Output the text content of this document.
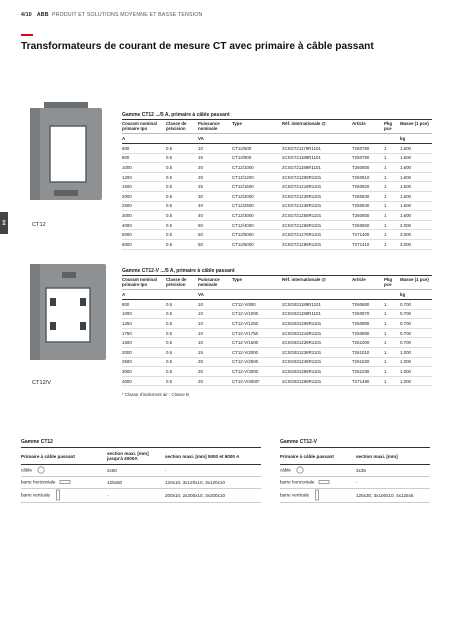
4/10 ABB PRODUIT ET SOLUTIONS MOYENNE ET BASSE TENSION
Transformateurs de courant de mesure CT avec primaire à câble passant
04	CT12
CT12/V
Gamme CT12 .../5 A, primaire à câble passant
Courant nominal primaire Ipn	Classe de précision	Puissance nominale	Type	Réf. internationale @	Article	Pkg pce	Masse (1 pce)
A		VA					kg
600	0.5	10	CT12/600	2CSG721178R1101	T260780	1	1.600
800	0.5	15	CT12/800	2CSG721188R1101	T260790	1	1.600
1000	0.5	20	CT12/1000	2CSG721198R1101	T260800	1	1.600
1200	0.5	20	CT12/1200	2CSG721208R1101	T260810	1	1.600
1500	0.5	25	CT12/1500	2CSG721218R1101	T260820	1	1.600
2000	0.5	30	CT12/2000	2CSG721228R1101	T260830	1	1.600
2500	0.5	40	CT12/2500	2CSG721238R1101	T260840	1	1.600
3000	0.5	40	CT12/3000	2CSG721258R1101	T260850	1	1.600
4000	0.5	50	CT12/4000	2CSG721268R1101	T260860	1	2.000
5000	0.5	50	CT12/5000	2CSG721278R1101	T271400	1	3.000
6000	0.5	50	CT12/6000	2CSG721288R1101	T271410	1	3.000
Gamme CT12-V .../5 A, primaire à câble passant
Courant nominal primaire Ipn	Classe de précision	Puissance nominale	Type	Réf. internationale @	Article	Pkg pce	Masse (1 pce)
A		VA					kg
800	0.5	10	CT12-V/800	2CSG831188R1101	T260880	1	0.700
1000	0.5	10	CT12-V/1000	2CSG831198R1101	T260870	1	0.700
1250	0.5	10	CT12-V/1250	2CSG831208R1101	T260880	1	0.700
1750	0.5	10	CT12-V/1750	2CSG831218R1101	T260890	1	0.700
1500	0.5	10	CT12-V/1500	2CSG831228R1101	T261000	1	0.700
2000	0.5	15	CT12-V/2000	2CSG831238R1101	T261010	1	1.000
2500	0.5	20	CT12-V/2500	2CSG831248R1101	T261020	1	1.000
3000	0.5	20	CT12-V/3000	2CSG831258R1101	T261030	1	1.000
4000	0.5	20	CT12-V/4000*	2CSG831268R1101	T271480	1	1.000
* Classe d'isolement air : Classe B
Gamme CT12
Primaire à câble passant	section maxi. [mm] jusqu'à 4000A	section maxi. [mm] 5000 et 6000 A
câble	2x50	-
barre horizontale	125x50	120x10, 3x120x10, 3x120x10
barre verticale	-	200x10, 2x200x10, 3x200x10
Gamme CT12-V
Primaire à câble passant	section maxi. [mm]
câble	3x35
barre horizontale	-
barre verticale	125x30, 3x100x10, 4x125x5
